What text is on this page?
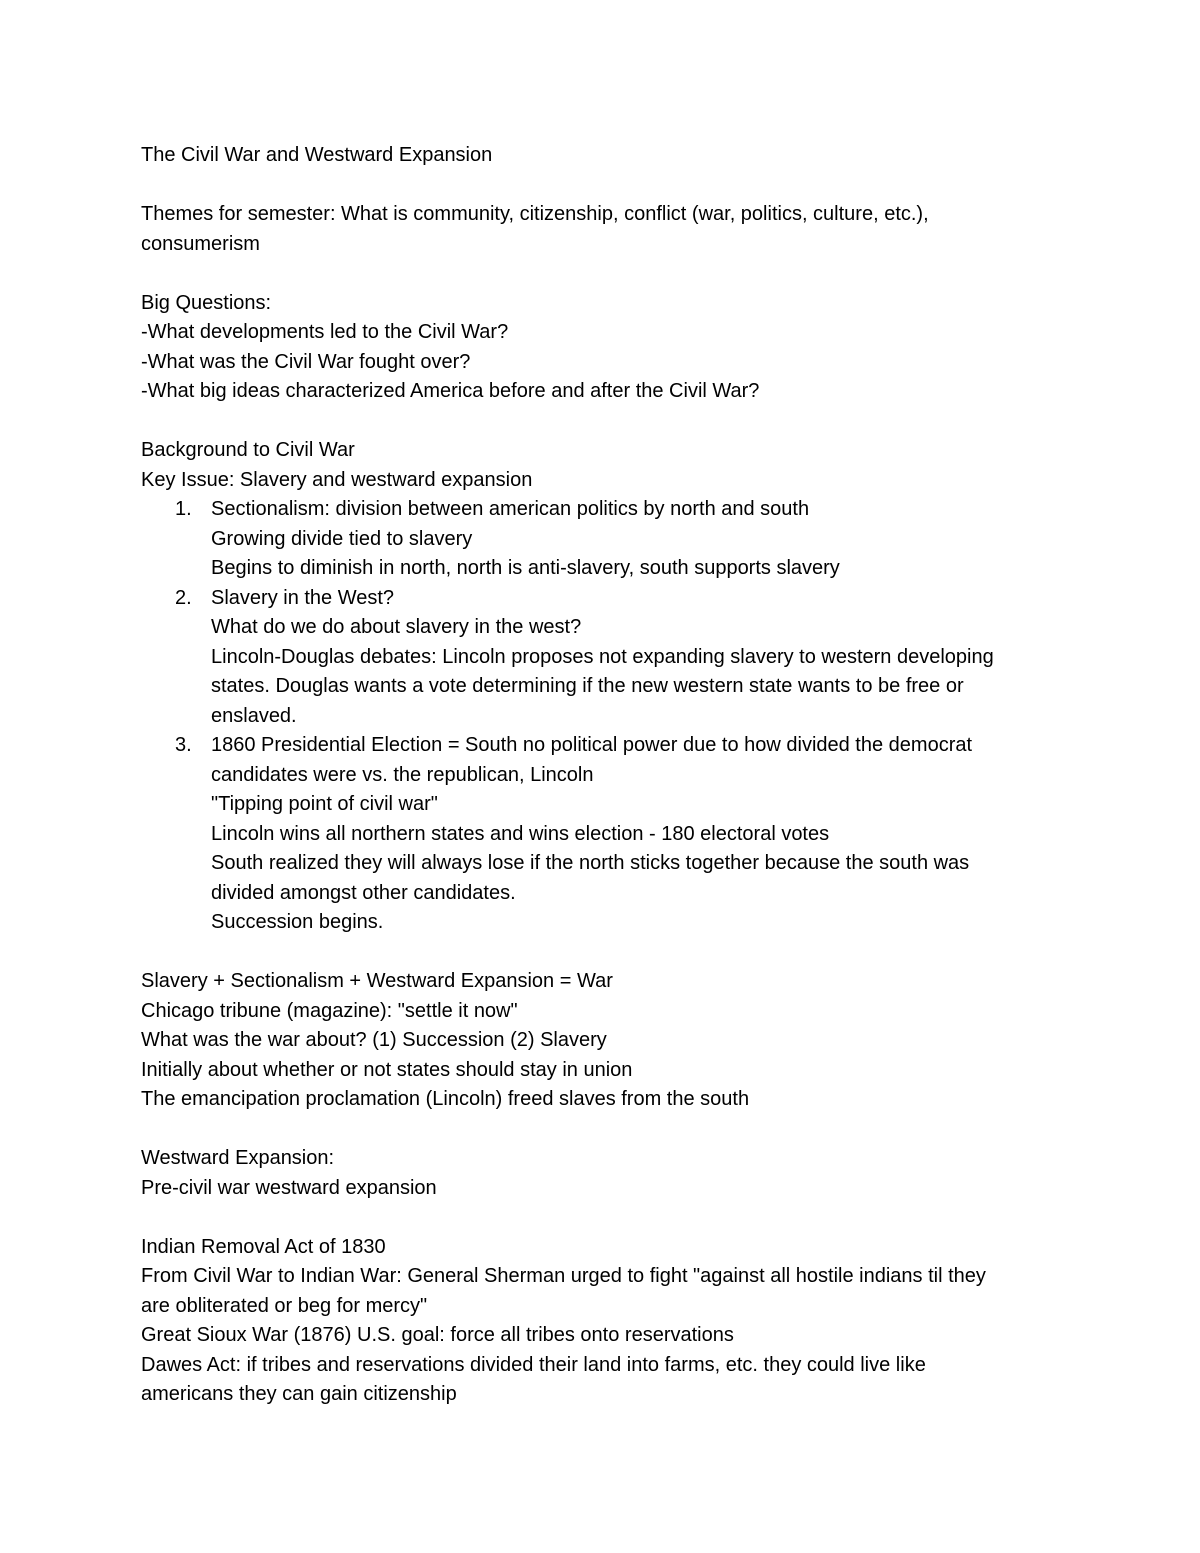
The Civil War and Westward Expansion

Themes for semester: What is community, citizenship, conflict (war, politics, culture, etc.),

consumerism

Big Questions:

-What developments led to the Civil War?

-What was the Civil War fought over?

-What big ideas characterized America before and after the Civil War?

Background to Civil War

Key Issue: Slavery and westward expansion

1. Sectionalism: division between american politics by north and south

Growing divide tied to slavery

Begins to diminish in north, north is anti-slavery, south supports slavery

2. Slavery in the West?

What do we do about slavery in the west?

Lincoln-Douglas debates: Lincoln proposes not expanding slavery to western developing

states. Douglas wants a vote determining if the new western state wants to be free or

enslaved.

3. 1860 Presidential Election = South no political power due to how divided the democrat

candidates were vs. the republican, Lincoln

"Tipping point of civil war"

Lincoln wins all northern states and wins election - 180 electoral votes

South realized they will always lose if the north sticks together because the south was

divided amongst other candidates.

Succession begins.

Slavery + Sectionalism + Westward Expansion = War

Chicago tribune (magazine): "settle it now"

What was the war about? (1) Succession (2) Slavery

Initially about whether or not states should stay in union

The emancipation proclamation (Lincoln) freed slaves from the south

Westward Expansion:

Pre-civil war westward expansion

Indian Removal Act of 1830

From Civil War to Indian War: General Sherman urged to fight "against all hostile indians til they

are obliterated or beg for mercy"

Great Sioux War (1876) U.S. goal: force all tribes onto reservations

Dawes Act: if tribes and reservations divided their land into farms, etc. they could live like

americans they can gain citizenship
